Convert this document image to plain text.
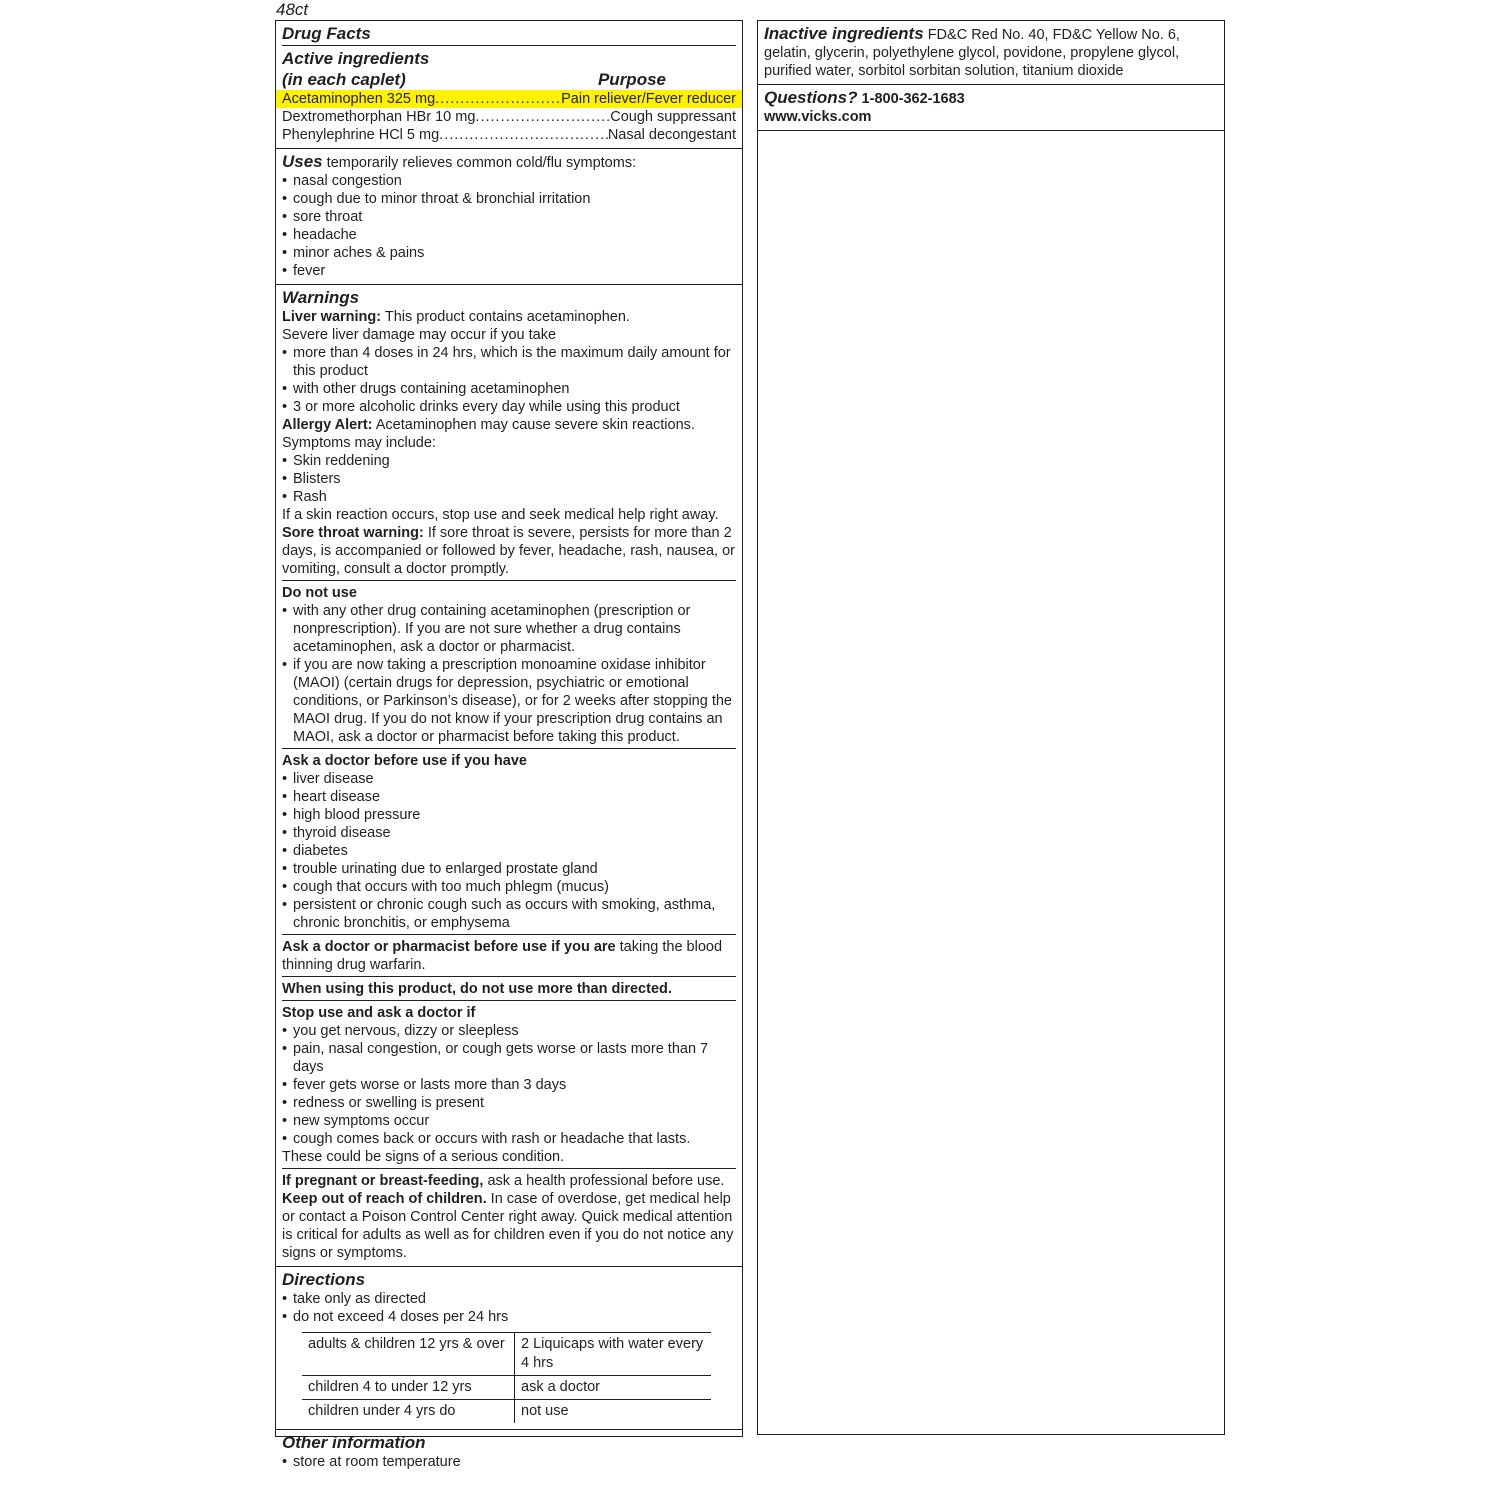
48ct
Drug Facts
Active ingredients
(in each caplet)	Purpose
Acetaminophen 325 mg .....	Pain reliever/Fever reducer
Dextromethorphan HBr 10 mg .....	Cough suppressant
Phenylephrine HCl 5 mg .....	Nasal decongestant
Uses temporarily relieves common cold/flu symptoms:
• nasal congestion
• cough due to minor throat & bronchial irritation
• sore throat
• headache
• minor aches & pains
• fever
Warnings
Liver warning: This product contains acetaminophen.
Severe liver damage may occur if you take
• more than 4 doses in 24 hrs, which is the maximum daily amount for this product
• with other drugs containing acetaminophen
• 3 or more alcoholic drinks every day while using this product
Allergy Alert: Acetaminophen may cause severe skin reactions.
Symptoms may include:
• Skin reddening
• Blisters
• Rash
If a skin reaction occurs, stop use and seek medical help right away.
Sore throat warning: If sore throat is severe, persists for more than 2 days, is accompanied or followed by fever, headache, rash, nausea, or vomiting, consult a doctor promptly.
Do not use
• with any other drug containing acetaminophen (prescription or nonprescription). If you are not sure whether a drug contains acetaminophen, ask a doctor or pharmacist.
• if you are now taking a prescription monoamine oxidase inhibitor (MAOI) (certain drugs for depression, psychiatric or emotional conditions, or Parkinson’s disease), or for 2 weeks after stopping the MAOI drug. If you do not know if your prescription drug contains an MAOI, ask a doctor or pharmacist before taking this product.
Ask a doctor before use if you have
• liver disease
• heart disease
• high blood pressure
• thyroid disease
• diabetes
• trouble urinating due to enlarged prostate gland
• cough that occurs with too much phlegm (mucus)
• persistent or chronic cough such as occurs with smoking, asthma, chronic bronchitis, or emphysema
Ask a doctor or pharmacist before use if you are taking the blood thinning drug warfarin.
When using this product, do not use more than directed.
Stop use and ask a doctor if
• you get nervous, dizzy or sleepless
• pain, nasal congestion, or cough gets worse or lasts more than 7 days
• fever gets worse or lasts more than 3 days
• redness or swelling is present
• new symptoms occur
• cough comes back or occurs with rash or headache that lasts.
These could be signs of a serious condition.
If pregnant or breast-feeding, ask a health professional before use.
Keep out of reach of children. In case of overdose, get medical help or contact a Poison Control Center right away. Quick medical attention is critical for adults as well as for children even if you do not notice any signs or symptoms.
Directions
• take only as directed
• do not exceed 4 doses per 24 hrs
adults & children 12 yrs & over	2 Liquicaps with water every 4 hrs
children 4 to under 12 yrs	ask a doctor
children under 4 yrs do	not use
Other information
• store at room temperature
Inactive ingredients FD&C Red No. 40, FD&C Yellow No. 6, gelatin, glycerin, polyethylene glycol, povidone, propylene glycol, purified water, sorbitol sorbitan solution, titanium dioxide
Questions? 1-800-362-1683
www.vicks.com
